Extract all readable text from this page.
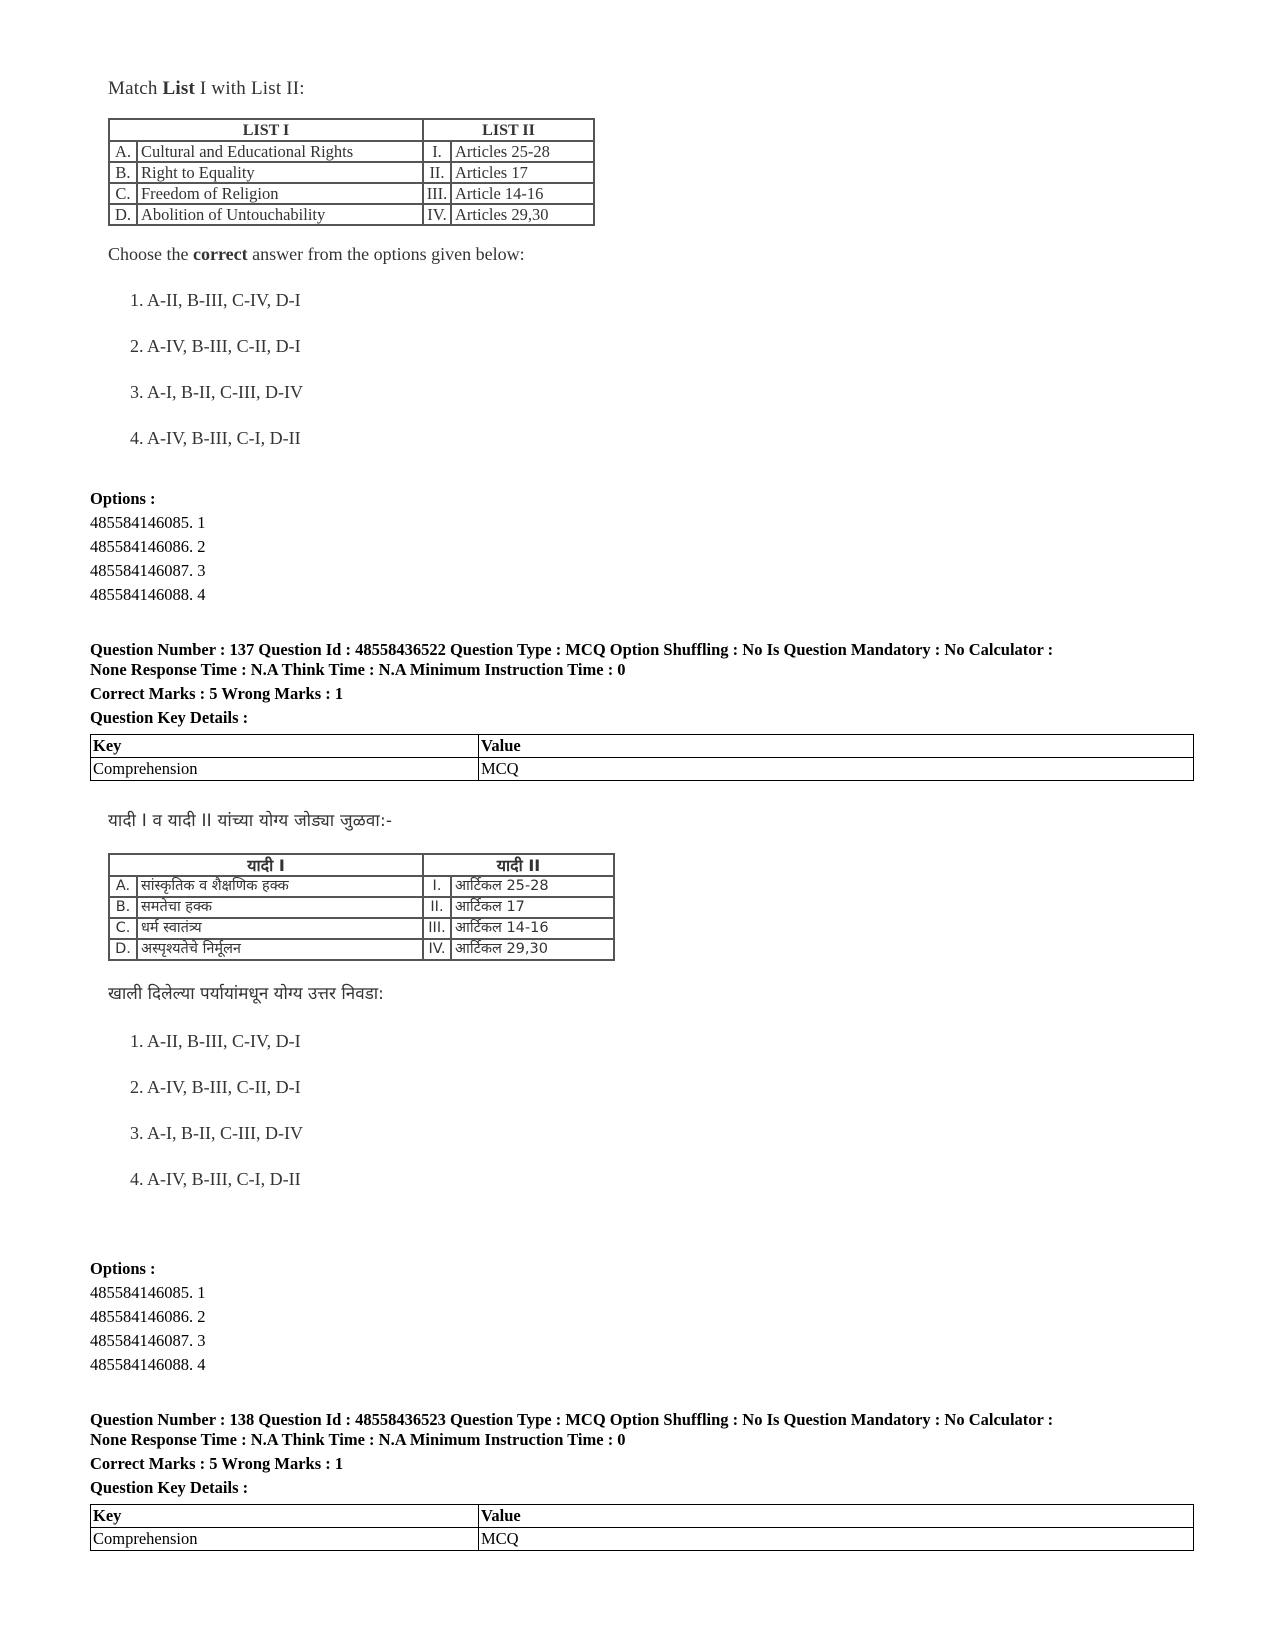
Match List I with List II:
LIST I		LIST II	
A.	Cultural and Educational Rights	I.	Articles 25-28
B.	Right to Equality	II.	Articles 17
C.	Freedom of Religion	III.	Article 14-16
D.	Abolition of Untouchability	IV.	Articles 29,30
Choose the correct answer from the options given below:
1. A-II, B-III, C-IV, D-I
2. A-IV, B-III, C-II, D-I
3. A-I, B-II, C-III, D-IV
4. A-IV, B-III, C-I, D-II
Options :
485584146085. 1
485584146086. 2
485584146087. 3
485584146088. 4
Question Number : 137 Question Id : 48558436522 Question Type : MCQ Option Shuffling : No Is Question Mandatory : No Calculator :
None Response Time : N.A Think Time : N.A Minimum Instruction Time : 0
Correct Marks : 5 Wrong Marks : 1
Question Key Details :
Key	Value
Comprehension	MCQ
यादी I व यादी II यांच्या योग्य जोड्या जुळवा:-
यादी I		यादी II	
A.	सांस्कृतिक व शैक्षणिक हक्क	I.	आर्टिकल 25-28
B.	समतेचा हक्क	II.	आर्टिकल 17
C.	धर्म स्वातंत्र्य	III.	आर्टिकल 14-16
D.	अस्पृश्यतेचे निर्मूलन	IV.	आर्टिकल 29,30
खाली दिलेल्या पर्यायांमधून योग्य उत्तर निवडा:
1. A-II, B-III, C-IV, D-I
2. A-IV, B-III, C-II, D-I
3. A-I, B-II, C-III, D-IV
4. A-IV, B-III, C-I, D-II
Options :
485584146085. 1
485584146086. 2
485584146087. 3
485584146088. 4
Question Number : 138 Question Id : 48558436523 Question Type : MCQ Option Shuffling : No Is Question Mandatory : No Calculator :
None Response Time : N.A Think Time : N.A Minimum Instruction Time : 0
Correct Marks : 5 Wrong Marks : 1
Question Key Details :
Key	Value
Comprehension	MCQ
